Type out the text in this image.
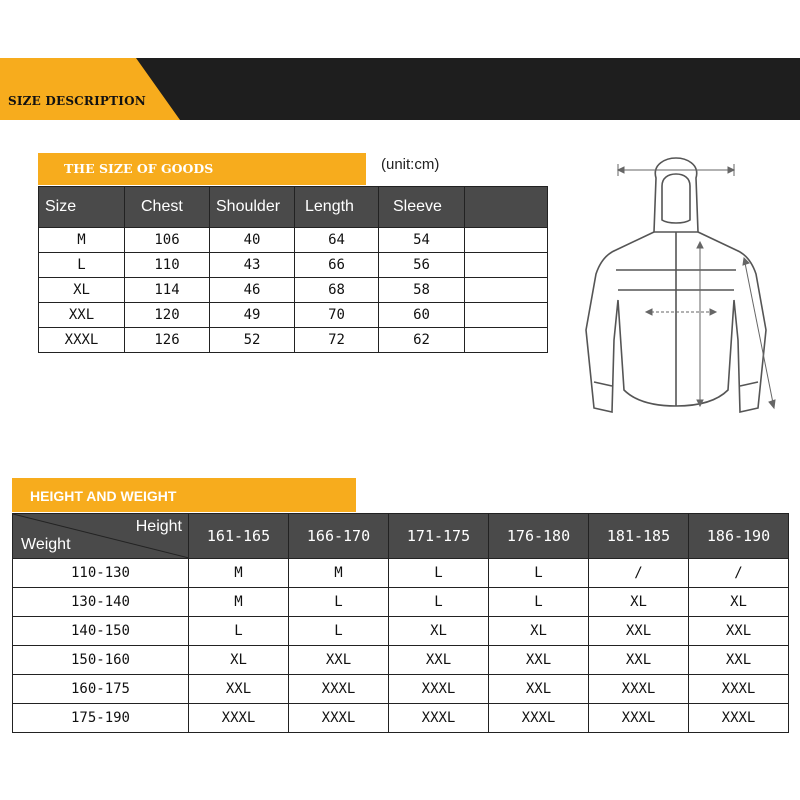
SIZE DESCRIPTION
THE SIZE OF GOODS	(unit:cm)
Size	Chest	Shoulder	Length	Sleeve	
M	106	40	64	54	
L	110	43	66	56	
XL	114	46	68	58	
XXL	120	49	70	60	
XXXL	126	52	72	62	
HEIGHT AND WEIGHT
Height
Weight	161-165	166-170	171-175	176-180	181-185	186-190
110-130	M	M	L	L	/	/
130-140	M	L	L	L	XL	XL
140-150	L	L	XL	XL	XXL	XXL
150-160	XL	XXL	XXL	XXL	XXL	XXL
160-175	XXL	XXXL	XXXL	XXL	XXXL	XXXL
175-190	XXXL	XXXL	XXXL	XXXL	XXXL	XXXL
